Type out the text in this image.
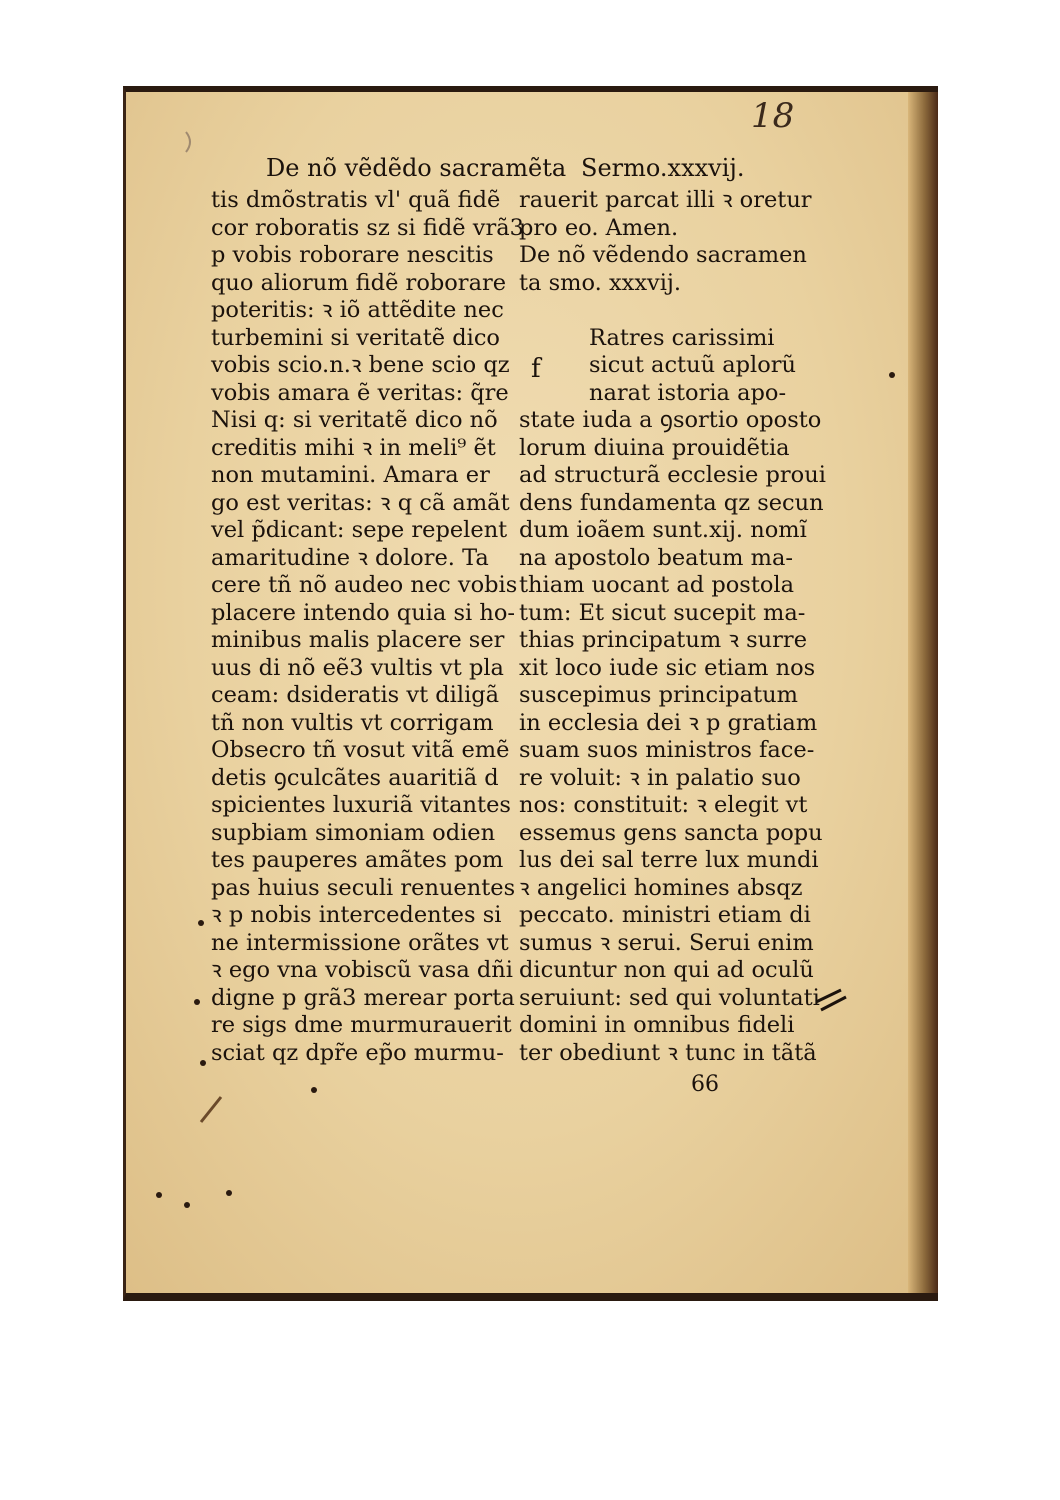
18
De nõ vẽdẽdo sacramẽta Sermo.xxxvij.
tis dmõstratis vl' quã fidẽ
cor roboratis sz si fidẽ vrã3
p vobis roborare nescitis
quo aliorum fidẽ roborare
poteritis: ꝛ iõ attẽdite nec
turbemini si veritatẽ dico
vobis scio.n.ꝛ bene scio qz
vobis amara ẽ veritas: q̃re
Nisi q: si veritatẽ dico nõ
creditis mihi ꝛ in meli⁹ ẽt
non mutamini. Amara er
go est veritas: ꝛ q cã amãt
vel p̃dicant: sepe repelent
amaritudine ꝛ dolore. Ta
cere tñ nõ audeo nec vobis
placere intendo quia si ho-
minibus malis placere ser
uus di nõ eẽ3 vultis vt pla
ceam: dsideratis vt diligã
tñ non vultis vt corrigam
Obsecro tñ vosut vitã emẽ
detis ꝯculcãtes auaritiã d
spicientes luxuriã vitantes
supbiam simoniam odien
tes pauperes amãtes pom
pas huius seculi renuentes
ꝛ p nobis intercedentes si
ne intermissione orãtes vt
ꝛ ego vna vobiscũ vasa dñi
digne p grã3 merear porta
re sigs dme murmurauerit
sciat qz dpr̃e ep̃o murmu-
rauerit parcat illi ꝛ oretur
pro eo. Amen.
De nõ vẽdendo sacramen
ta smo. xxxvij.
Ratres carissimi
sicut actuũ aplorũ
narat istoria apo-
state iuda a ꝯsortio oposto
lorum diuina prouidẽtia
ad structurã ecclesie proui
dens fundamenta qz secun
dum ioãem sunt.xij. nomĩ
na apostolo beatum ma-
thiam uocant ad postola
tum: Et sicut sucepit ma-
thias principatum ꝛ surre
xit loco iude sic etiam nos
suscepimus principatum
in ecclesia dei ꝛ p gratiam
suam suos ministros face-
re voluit: ꝛ in palatio suo
nos: constituit: ꝛ elegit vt
essemus gens sancta popu
lus dei sal terre lux mundi
ꝛ angelici homines absqz
peccato. ministri etiam di
sumus ꝛ serui. Serui enim
dicuntur non qui ad oculũ
seruiunt: sed qui voluntati
domini in omnibus fideli
ter obediunt ꝛ tunc in tãtã
f
66
